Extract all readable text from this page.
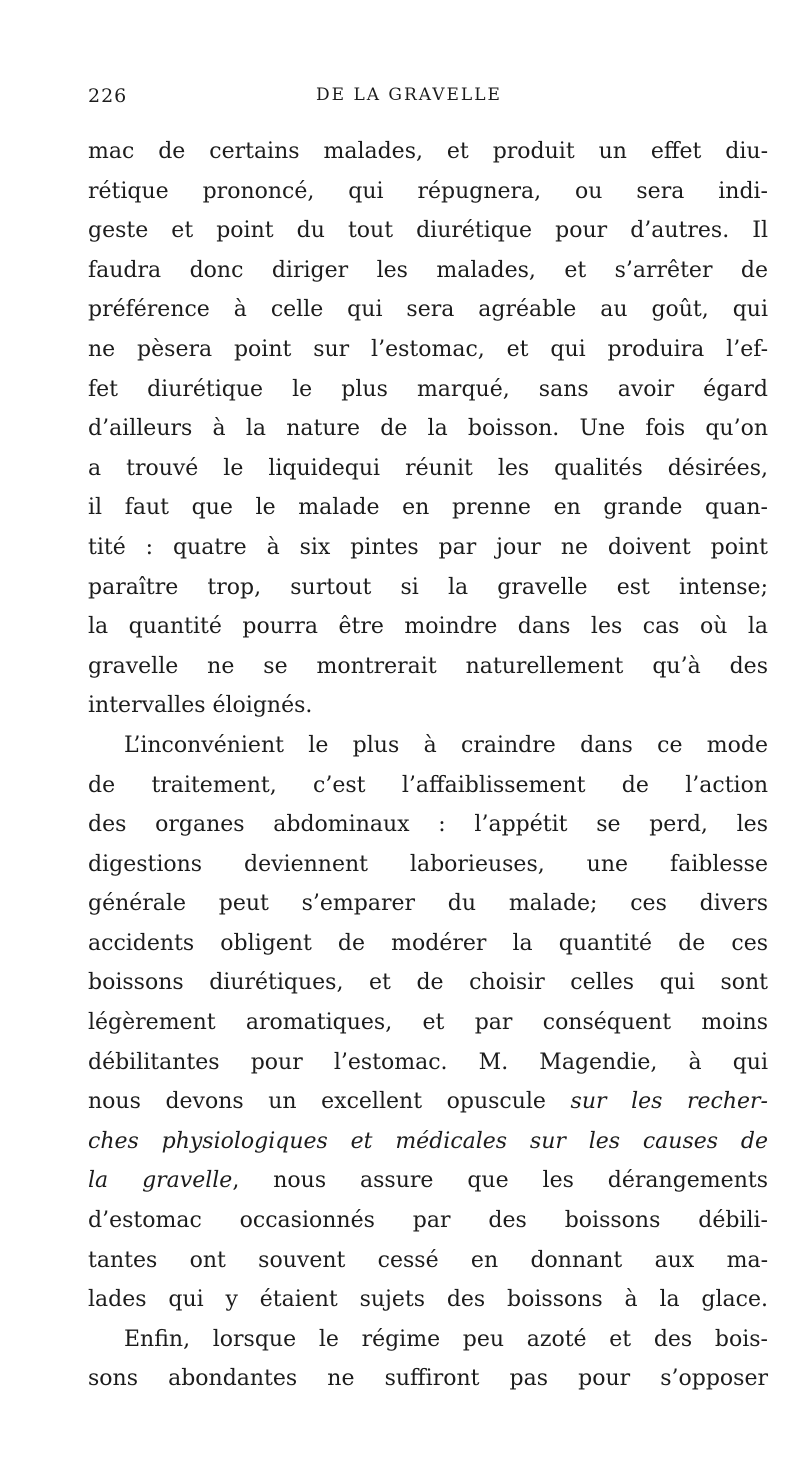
226	DE LA GRAVELLE
mac de certains malades, et produit un effet diu-
rétique prononcé, qui répugnera, ou sera indi-
geste et point du tout diurétique pour d’autres. Il
faudra donc diriger les malades, et s’arrêter de
préférence à celle qui sera agréable au goût, qui
ne pèsera point sur l’estomac, et qui produira l’ef-
fet diurétique le plus marqué, sans avoir égard
d’ailleurs à la nature de la boisson. Une fois qu’on
a trouvé le liquidequi réunit les qualités désirées,
il faut que le malade en prenne en grande quan-
tité : quatre à six pintes par jour ne doivent point
paraître trop, surtout si la gravelle est intense;
la quantité pourra être moindre dans les cas où la
gravelle ne se montrerait naturellement qu’à des
intervalles éloignés.
L’inconvénient le plus à craindre dans ce mode
de traitement, c’est l’affaiblissement de l’action
des organes abdominaux : l’appétit se perd, les
digestions deviennent laborieuses, une faiblesse
générale peut s’emparer du malade; ces divers
accidents obligent de modérer la quantité de ces
boissons diurétiques, et de choisir celles qui sont
légèrement aromatiques, et par conséquent moins
débilitantes pour l’estomac. M. Magendie, à qui
nous devons un excellent opuscule sur les recher-
ches physiologiques et médicales sur les causes de
la gravelle, nous assure que les dérangements
d’estomac occasionnés par des boissons débili-
tantes ont souvent cessé en donnant aux ma-
lades qui y étaient sujets des boissons à la glace.
Enfin, lorsque le régime peu azoté et des bois-
sons abondantes ne suffiront pas pour s’opposer
